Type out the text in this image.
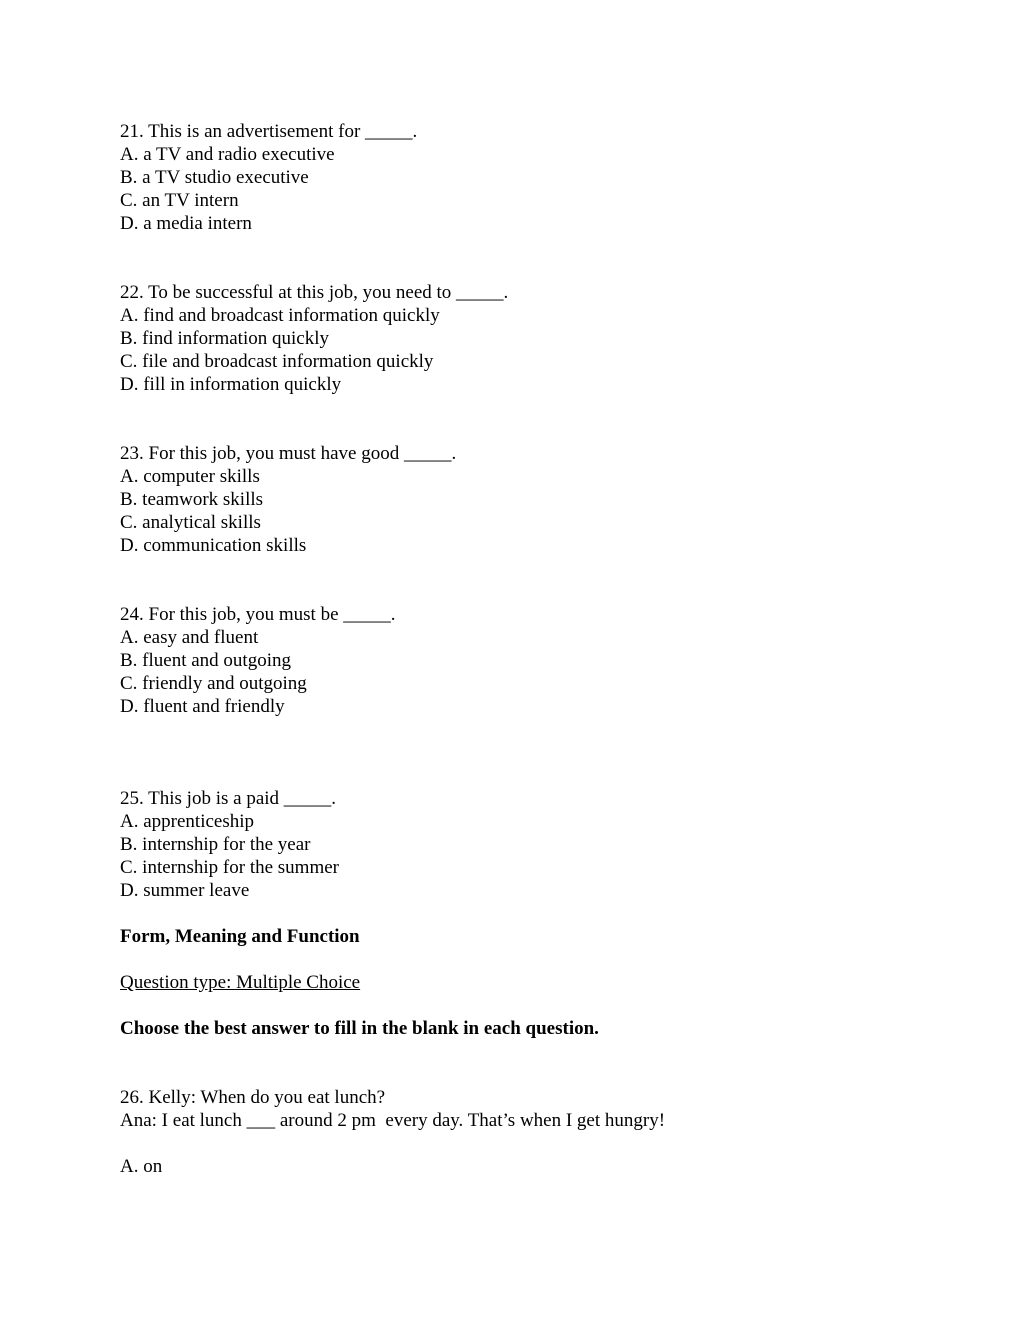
21. This is an advertisement for _____.
A. a TV and radio executive
B. a TV studio executive
C. an TV intern
D. a media intern
22. To be successful at this job, you need to _____.
A. find and broadcast information quickly
B. find information quickly
C. file and broadcast information quickly
D. fill in information quickly
23. For this job, you must have good _____.
A. computer skills
B. teamwork skills
C. analytical skills
D. communication skills
24. For this job, you must be _____.
A. easy and fluent
B. fluent and outgoing
C. friendly and outgoing
D. fluent and friendly
25. This job is a paid _____.
A. apprenticeship
B. internship for the year
C. internship for the summer
D. summer leave
Form, Meaning and Function
Question type: Multiple Choice
Choose the best answer to fill in the blank in each question.
26. Kelly: When do you eat lunch?
Ana: I eat lunch ___ around 2 pm  every day. That’s when I get hungry!
A. on
